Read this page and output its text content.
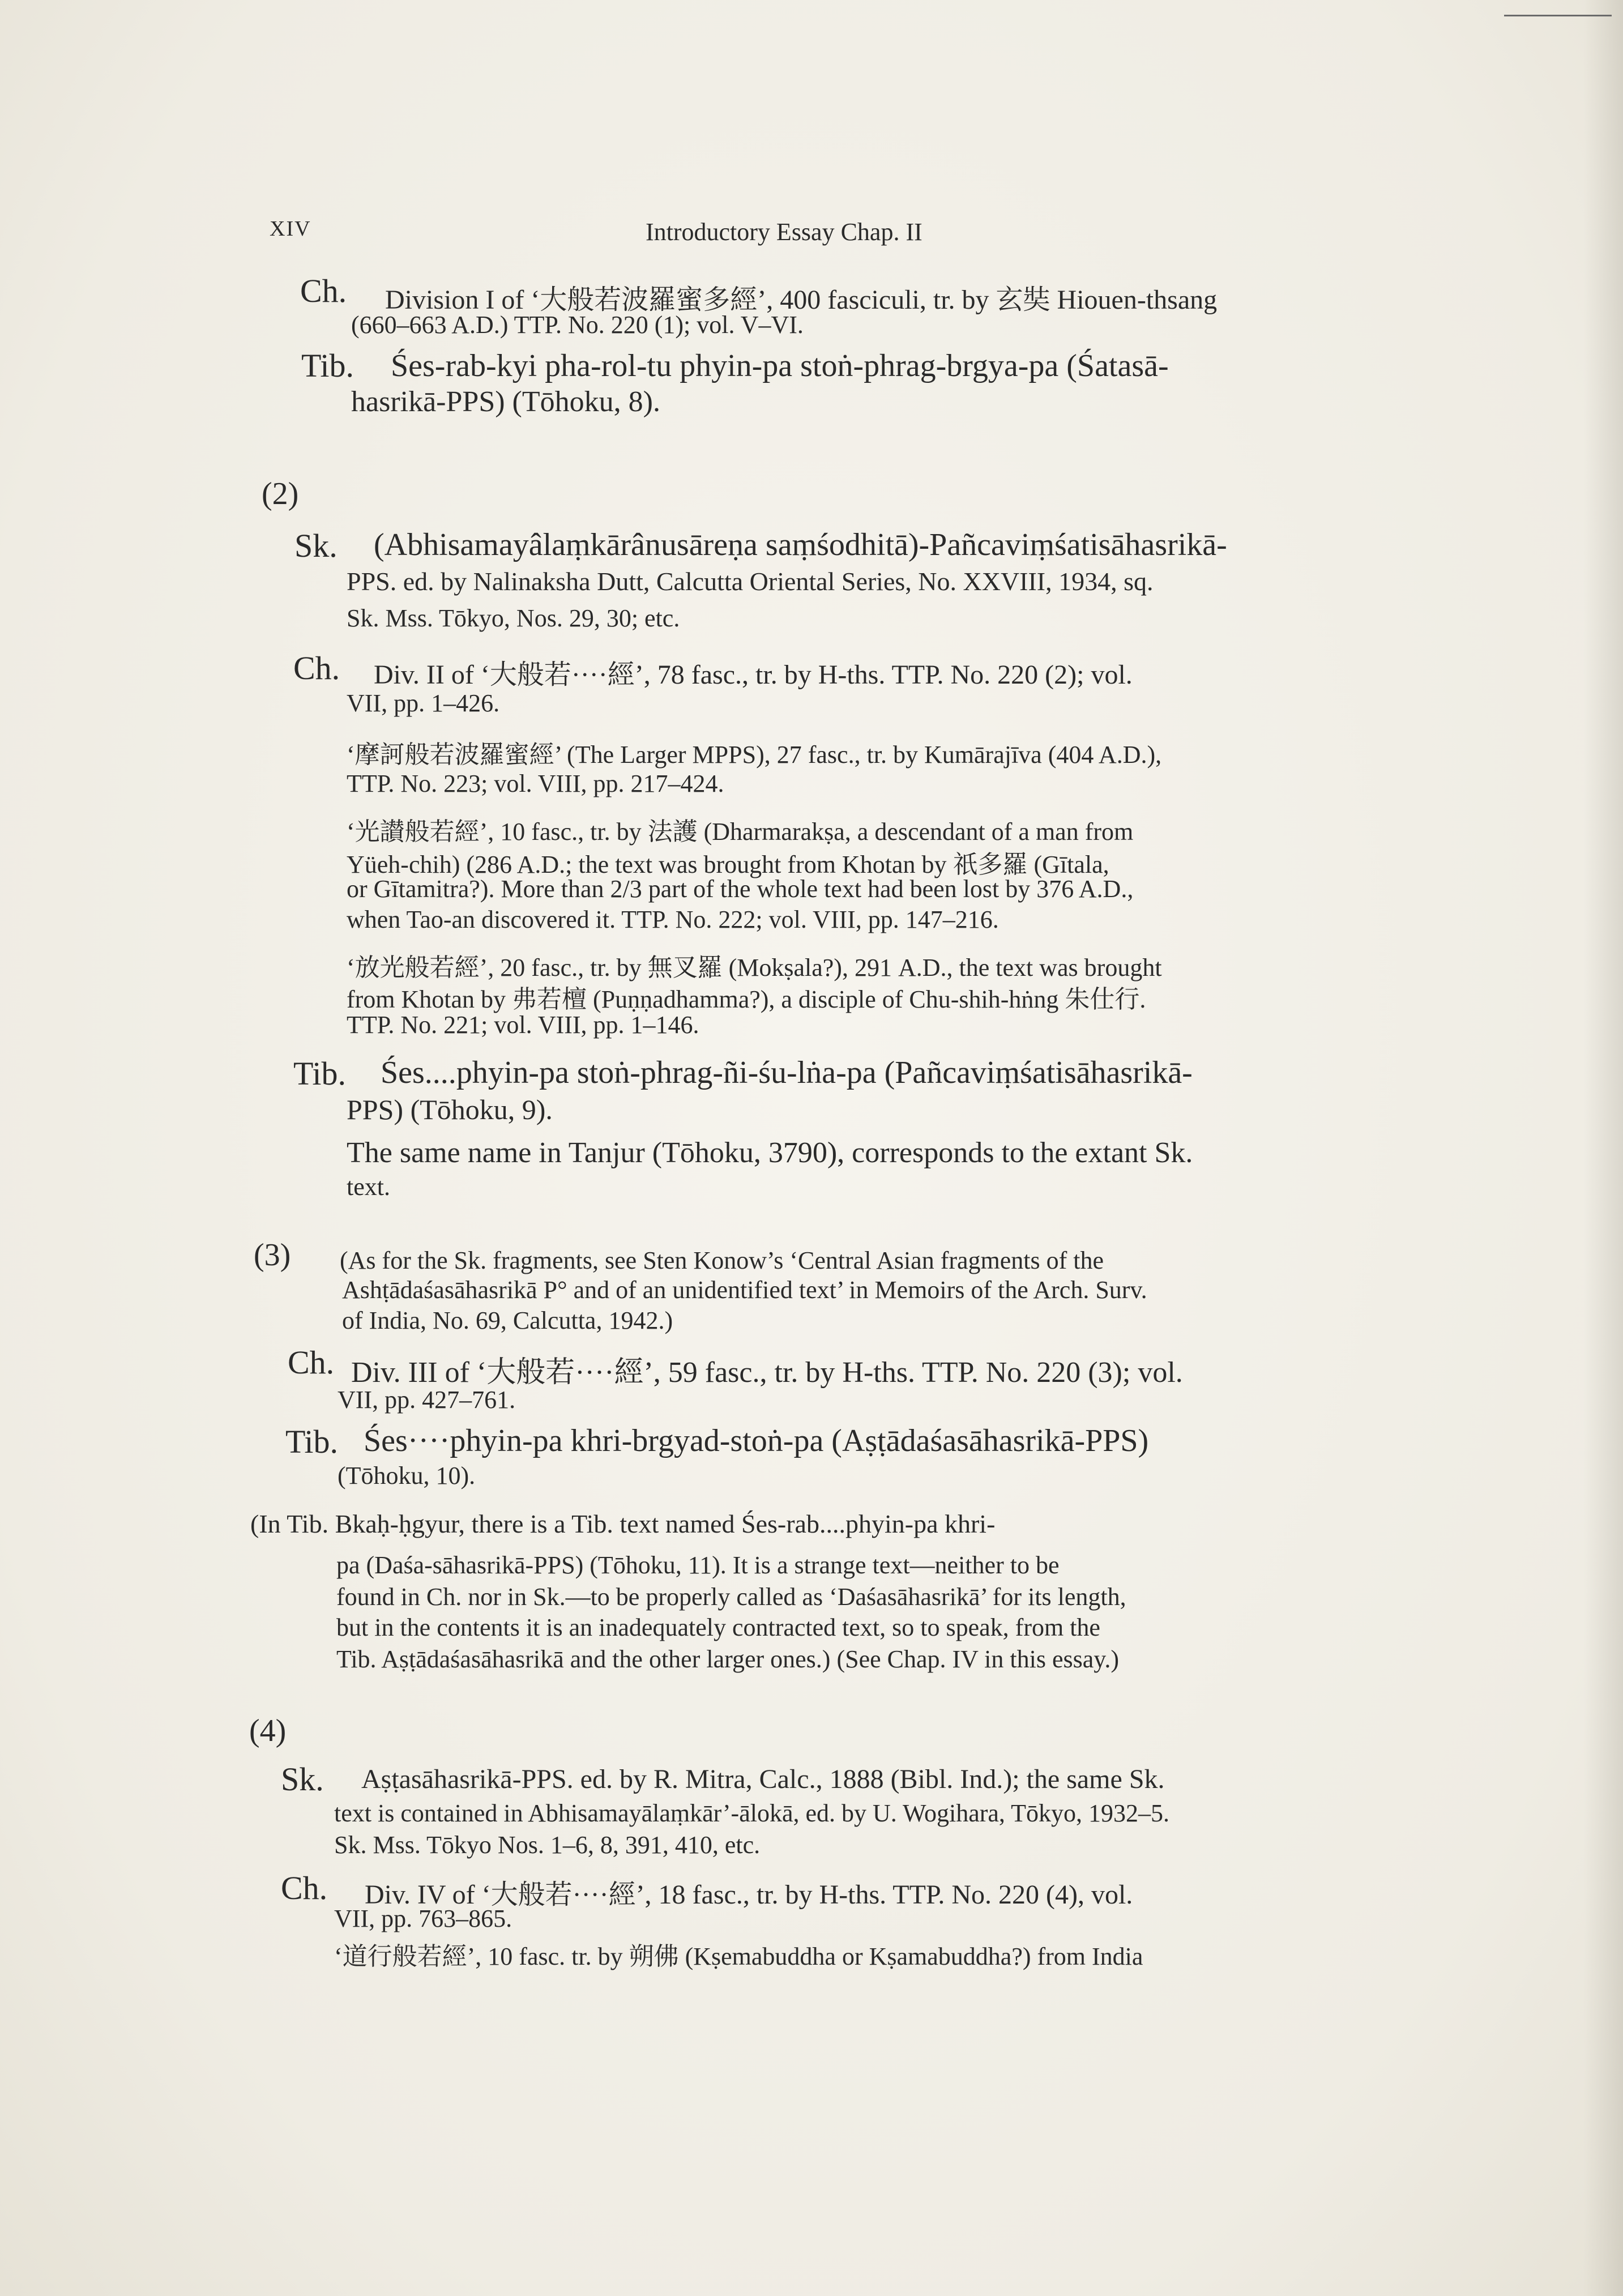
XIV	Introductory Essay Chap. II
Ch. Division I of ‘大般若波羅蜜多經’, 400 fasciculi, tr. by 玄奘 Hiouen-thsang
(660–663 A.D.) TTP. No. 220 (1); vol. V–VI.
Tib. Śes-rab-kyi pha-rol-tu phyin-pa stoṅ-phrag-brgya-pa (Śatasā-
hasrikā-PPS) (Tōhoku, 8).
(2)
Sk. (Abhisamayâlaṃkārânusāreṇa saṃśodhitā)-Pañcaviṃśatisāhasrikā-
PPS. ed. by Nalinaksha Dutt, Calcutta Oriental Series, No. XXVIII, 1934, sq.
Sk. Mss. Tōkyo, Nos. 29, 30; etc.
Ch. Div. II of ‘大般若····經’, 78 fasc., tr. by H-ths. TTP. No. 220 (2); vol.
VII, pp. 1–426.
‘摩訶般若波羅蜜經’ (The Larger MPPS), 27 fasc., tr. by Kumārajīva (404 A.D.),
TTP. No. 223; vol. VIII, pp. 217–424.
‘光讃般若經’, 10 fasc., tr. by 法護 (Dharmarakṣa, a descendant of a man from
Yüeh-chih) (286 A.D.; the text was brought from Khotan by 祇多羅 (Gītala,
or Gītamitra?). More than 2/3 part of the whole text had been lost by 376 A.D.,
when Tao-an discovered it. TTP. No. 222; vol. VIII, pp. 147–216.
‘放光般若經’, 20 fasc., tr. by 無叉羅 (Mokṣala?), 291 A.D., the text was brought
from Khotan by 弗若檀 (Puṇṇadhamma?), a disciple of Chu-shih-hṅng 朱仕行.
TTP. No. 221; vol. VIII, pp. 1–146.
Tib. Śes....phyin-pa stoṅ-phrag-ñi-śu-lṅa-pa (Pañcaviṃśatisāhasrikā-
PPS) (Tōhoku, 9).
The same name in Tanjur (Tōhoku, 3790), corresponds to the extant Sk.
text.
(3) (As for the Sk. fragments, see Sten Konow’s ‘Central Asian fragments of the
Ashṭādaśasāhasrikā P° and of an unidentified text’ in Memoirs of the Arch. Surv.
of India, No. 69, Calcutta, 1942.)
Ch. Div. III of ‘大般若····經’, 59 fasc., tr. by H-ths. TTP. No. 220 (3); vol.
VII, pp. 427–761.
Tib. Śes····phyin-pa khri-brgyad-stoṅ-pa (Aṣṭādaśasāhasrikā-PPS)
(Tōhoku, 10).
(In Tib. Bkaḥ-ḥgyur, there is a Tib. text named Śes-rab....phyin-pa khri-
pa (Daśa-sāhasrikā-PPS) (Tōhoku, 11). It is a strange text—neither to be
found in Ch. nor in Sk.—to be properly called as ‘Daśasāhasrikā’ for its length,
but in the contents it is an inadequately contracted text, so to speak, from the
Tib. Aṣṭādaśasāhasrikā and the other larger ones.) (See Chap. IV in this essay.)
(4)
Sk. Aṣṭasāhasrikā-PPS. ed. by R. Mitra, Calc., 1888 (Bibl. Ind.); the same Sk.
text is contained in Abhisamayālaṃkār’-ālokā, ed. by U. Wogihara, Tōkyo, 1932–5.
Sk. Mss. Tōkyo Nos. 1–6, 8, 391, 410, etc.
Ch. Div. IV of ‘大般若····經’, 18 fasc., tr. by H-ths. TTP. No. 220 (4), vol.
VII, pp. 763–865.
‘道行般若經’, 10 fasc. tr. by 朔佛 (Kṣemabuddha or Kṣamabuddha?) from India
